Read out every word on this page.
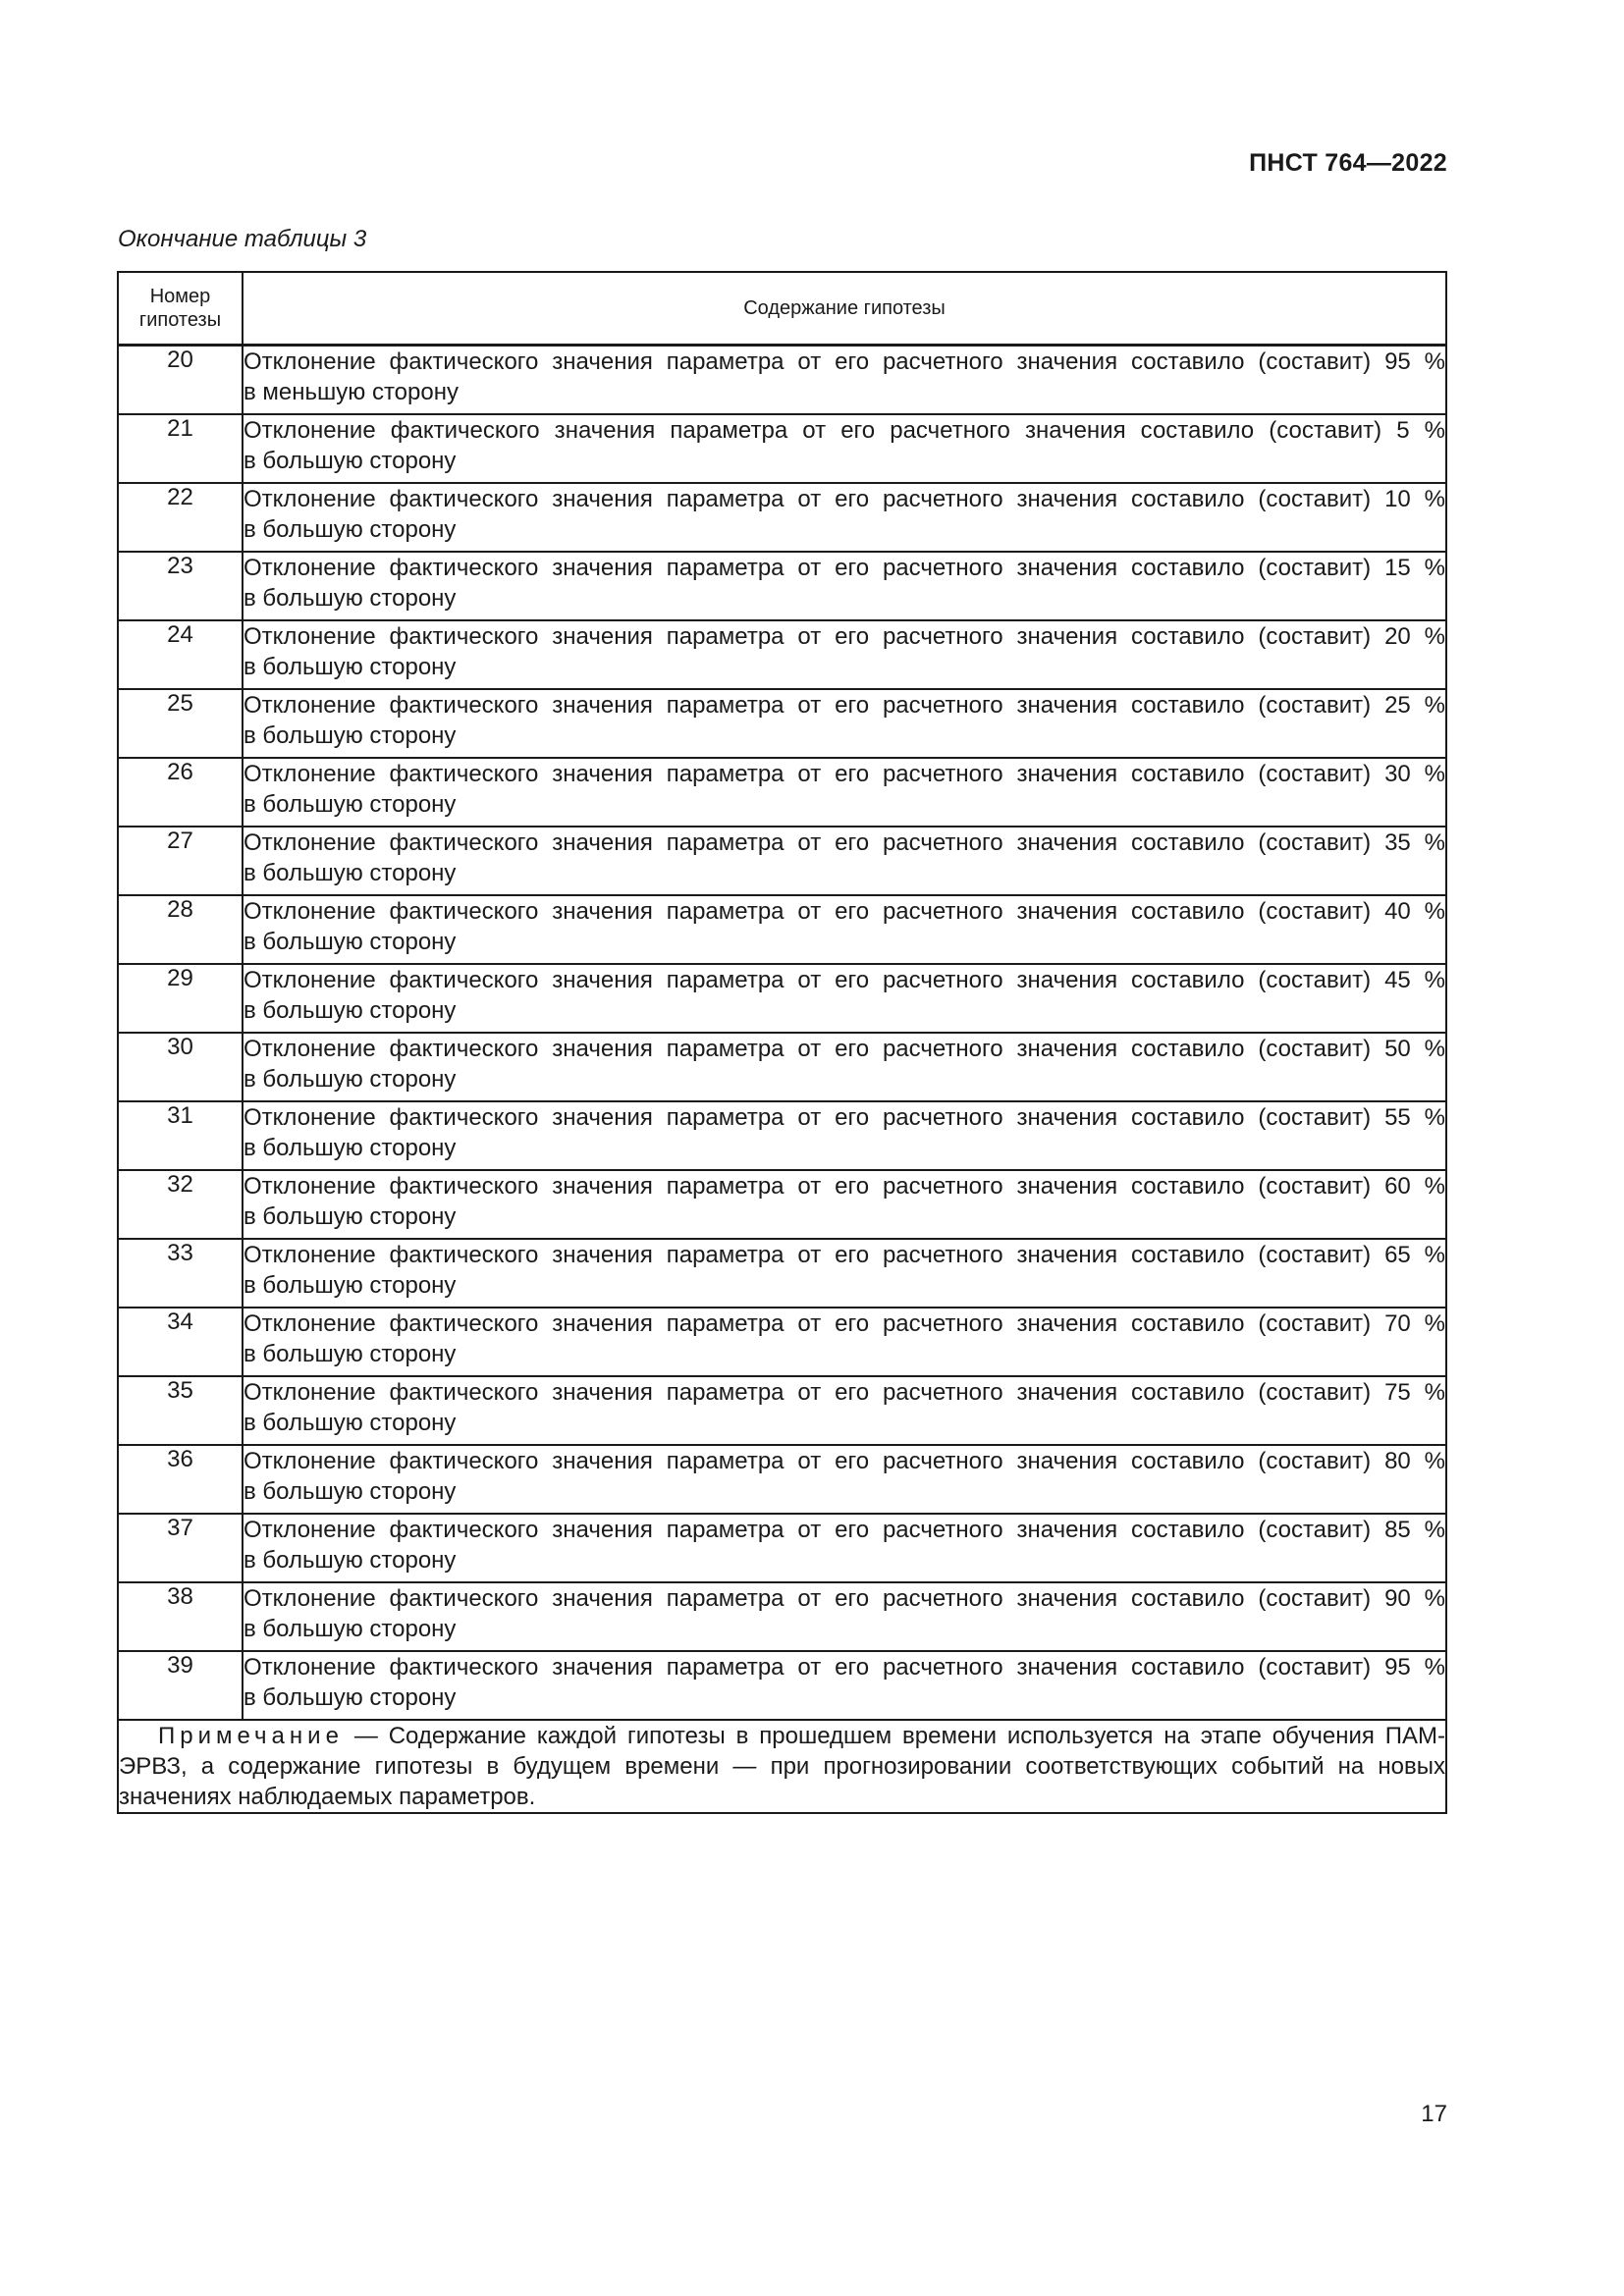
ПНСТ 764—2022
Окончание таблицы 3
Номер гипотезы	Содержание гипотезы
20	Отклонение фактического значения параметра от его расчетного значения составило (составит) 95 %
в меньшую сторону

21	Отклонение фактического значения параметра от его расчетного значения составило (составит) 5 %
в большую сторону

22	Отклонение фактического значения параметра от его расчетного значения составило (составит) 10 %
в большую сторону

23	Отклонение фактического значения параметра от его расчетного значения составило (составит) 15 %
в большую сторону

24	Отклонение фактического значения параметра от его расчетного значения составило (составит) 20 %
в большую сторону

25	Отклонение фактического значения параметра от его расчетного значения составило (составит) 25 %
в большую сторону

26	Отклонение фактического значения параметра от его расчетного значения составило (составит) 30 %
в большую сторону

27	Отклонение фактического значения параметра от его расчетного значения составило (составит) 35 %
в большую сторону

28	Отклонение фактического значения параметра от его расчетного значения составило (составит) 40 %
в большую сторону

29	Отклонение фактического значения параметра от его расчетного значения составило (составит) 45 %
в большую сторону

30	Отклонение фактического значения параметра от его расчетного значения составило (составит) 50 %
в большую сторону

31	Отклонение фактического значения параметра от его расчетного значения составило (составит) 55 %
в большую сторону

32	Отклонение фактического значения параметра от его расчетного значения составило (составит) 60 %
в большую сторону

33	Отклонение фактического значения параметра от его расчетного значения составило (составит) 65 %
в большую сторону

34	Отклонение фактического значения параметра от его расчетного значения составило (составит) 70 %
в большую сторону

35	Отклонение фактического значения параметра от его расчетного значения составило (составит) 75 %
в большую сторону

36	Отклонение фактического значения параметра от его расчетного значения составило (составит) 80 %
в большую сторону

37	Отклонение фактического значения параметра от его расчетного значения составило (составит) 85 %
в большую сторону

38	Отклонение фактического значения параметра от его расчетного значения составило (составит) 90 %
в большую сторону

39	Отклонение фактического значения параметра от его расчетного значения составило (составит) 95 %
в большую сторону

Примечание — Содержание каждой гипотезы в прошедшем времени используется на этапе обучения ПАМ-ЭРВЗ, а содержание гипотезы в будущем времени — при прогнозировании соответствующих событий на новых значениях наблюдаемых параметров.	
17
